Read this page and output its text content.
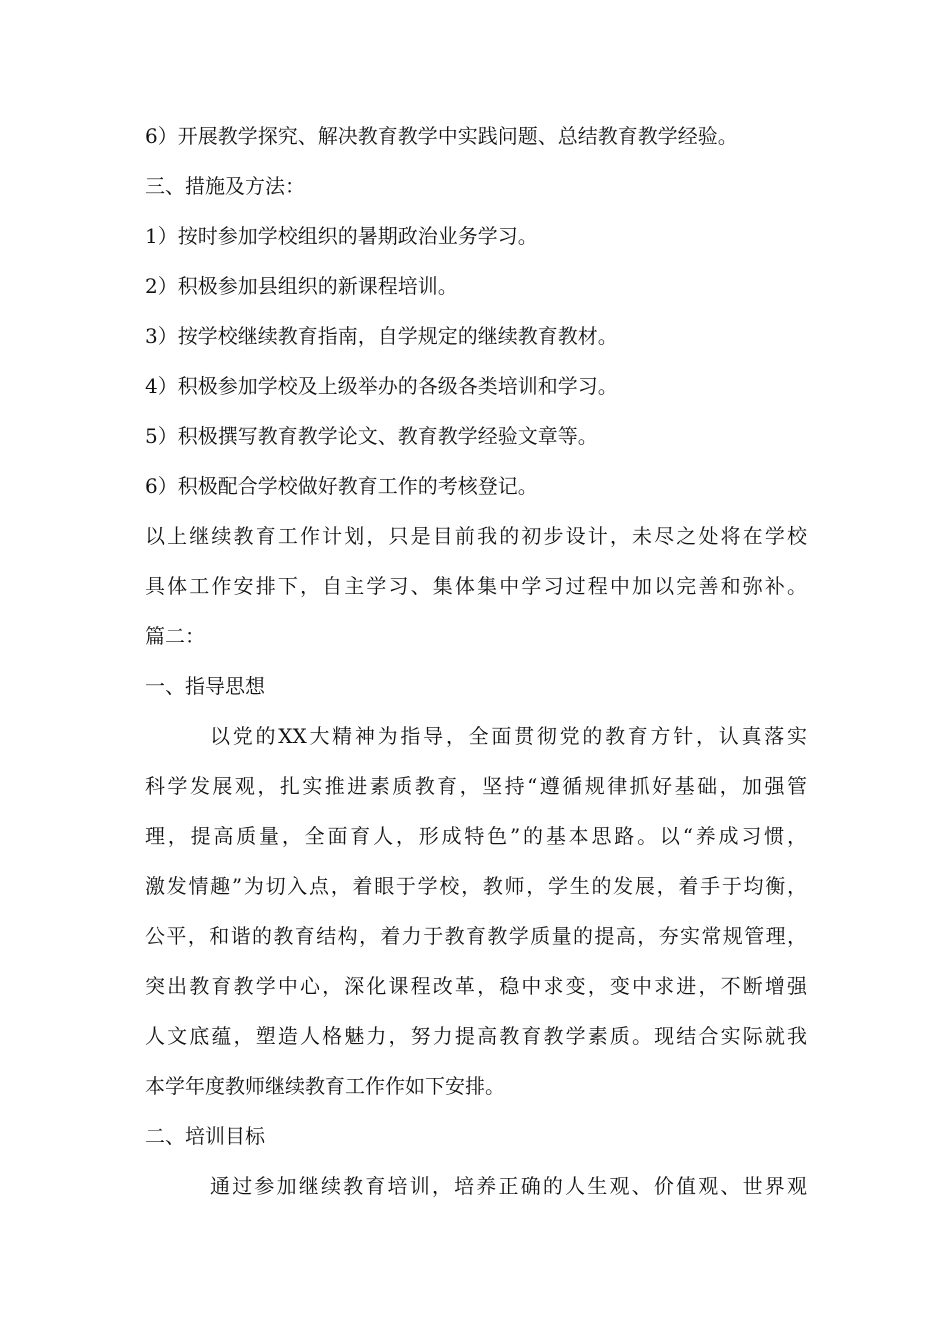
6）开展教学探究、解决教育教学中实践问题、总结教育教学经验。
三、措施及方法：
1）按时参加学校组织的暑期政治业务学习。
2）积极参加县组织的新课程培训。
3）按学校继续教育指南，自学规定的继续教育教材。
4）积极参加学校及上级举办的各级各类培训和学习。
5）积极撰写教育教学论文、教育教学经验文章等。
6）积极配合学校做好教育工作的考核登记。
以上继续教育工作计划，只是目前我的初步设计，未尽之处将在学校
具体工作安排下，自主学习、集体集中学习过程中加以完善和弥补。
篇二：
一、指导思想
以党的XX大精神为指导，全面贯彻党的教育方针，认真落实
科学发展观，扎实推进素质教育，坚持“遵循规律抓好基础，加强管
理，提高质量，全面育人，形成特色”的基本思路。以“养成习惯，
激发情趣”为切入点，着眼于学校，教师，学生的发展，着手于均衡，
公平，和谐的教育结构，着力于教育教学质量的提高，夯实常规管理，
突出教育教学中心，深化课程改革，稳中求变，变中求进，不断增强
人文底蕴，塑造人格魅力，努力提高教育教学素质。现结合实际就我
本学年度教师继续教育工作作如下安排。
二、培训目标
通过参加继续教育培训，培养正确的人生观、价值观、世界观
